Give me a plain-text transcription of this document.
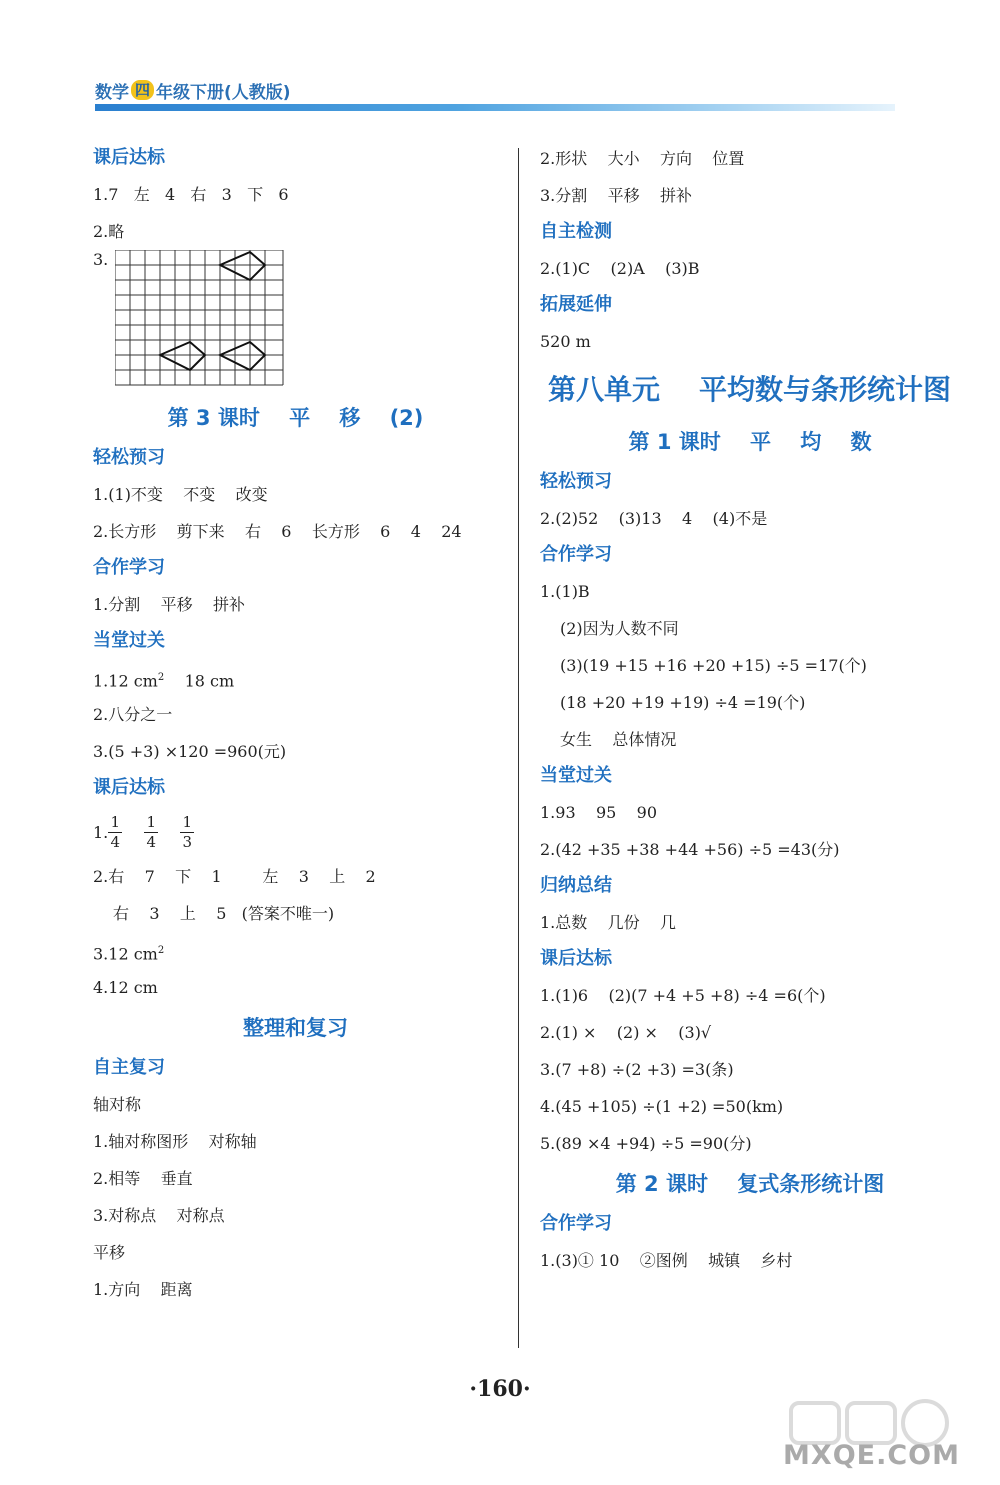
数学 四 年级下册(人教版)
课后达标
1.7   左   4   右   3   下   6
2.略
3.
第 3 课时    平    移    (2)
轻松预习
1.(1)不变    不变    改变
2.长方形    剪下来    右    6    长方形    6    4    24
合作学习
1.分割    平移    拼补
当堂过关
1.12 $cm^2$    18 cm
2.八分之一
3.(5 +3) ×120 =960(元)
课后达标
1. $\frac{1}{4} \frac{1}{4} \frac{1}{3}$
2.右    7    下    1        左    3    上    2
右    3    上    5   (答案不唯一)
3.12 $cm^2$
4.12 cm
整理和复习
自主复习
轴对称
1.轴对称图形    对称轴
2.相等    垂直
3.对称点    对称点
平移
1.方向    距离
2.形状    大小    方向    位置
3.分割    平移    拼补
自主检测
2.(1)C    (2)A    (3)B
拓展延伸
520 m
第八单元    平均数与条形统计图
第 1 课时    平    均    数
轻松预习
2.(2)52    (3)13    4    (4)不是
合作学习
1.(1)B
(2)因为人数不同
(3)(19 +15 +16 +20 +15) ÷5 =17(个)
(18 +20 +19 +19) ÷4 =19(个)
女生    总体情况
当堂过关
1.93    95    90
2.(42 +35 +38 +44 +56) ÷5 =43(分)
归纳总结
1.总数    几份    几
课后达标
1.(1)6    (2)(7 +4 +5 +8) ÷4 =6(个)
2.(1) ×    (2) ×    (3)√
3.(7 +8) ÷(2 +3) =3(条)
4.(45 +105) ÷(1 +2) =50(km)
5.(89 ×4 +94) ÷5 =90(分)
第 2 课时    复式条形统计图
合作学习
1.(3)① 10    ②图例    城镇    乡村
·160·
MXQE.COM
